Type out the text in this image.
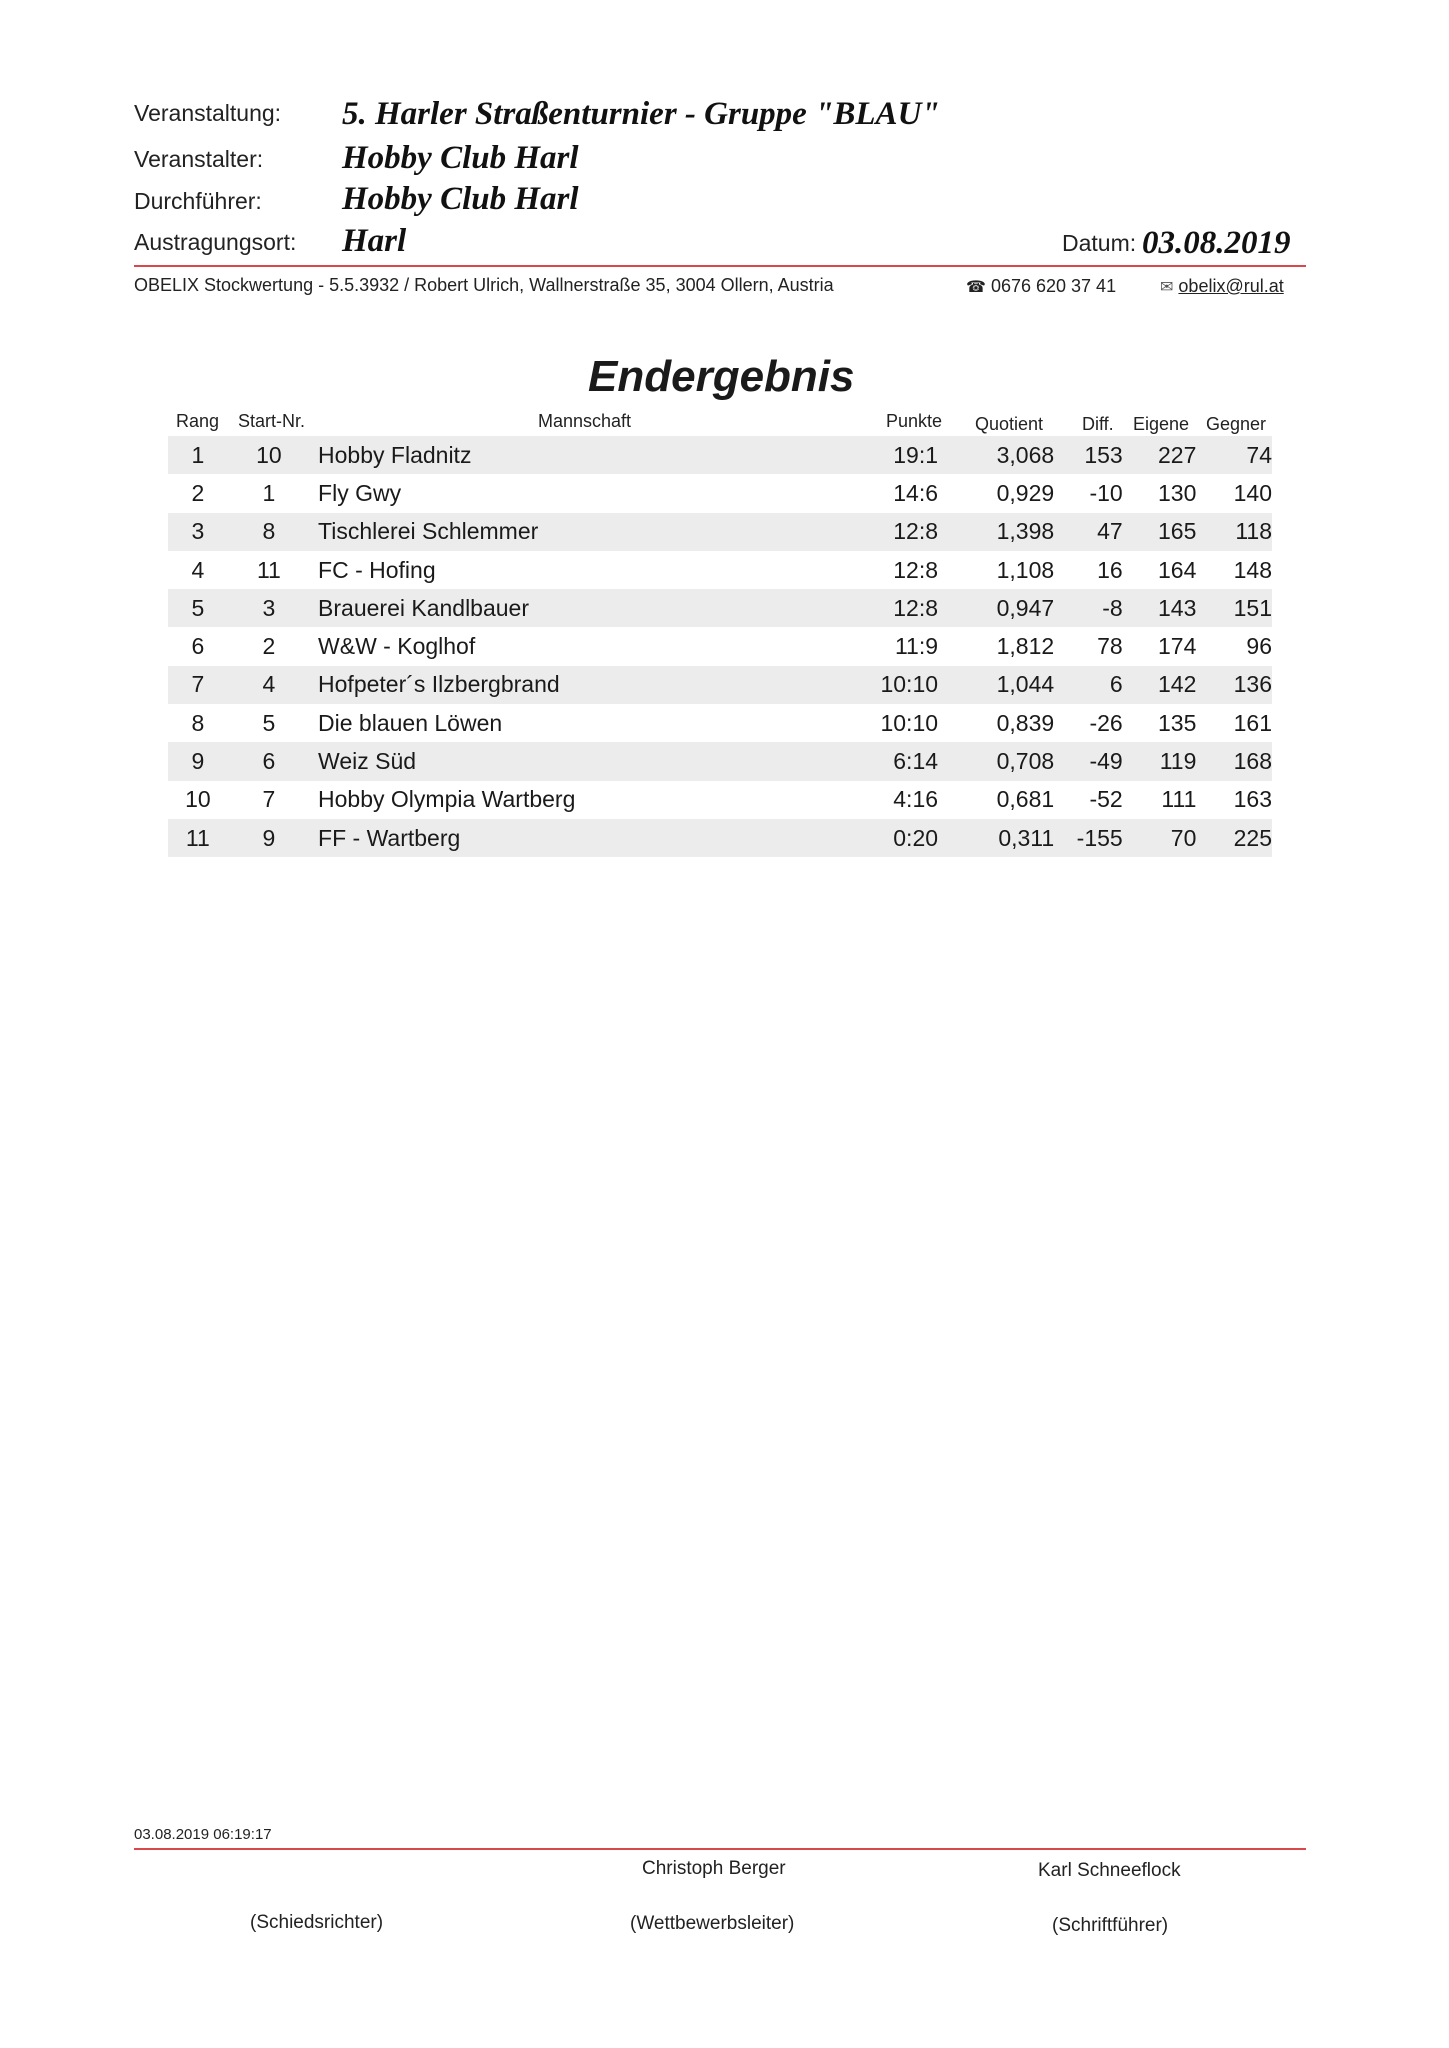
Veranstaltung: 5. Harler Straßenturnier - Gruppe "BLAU"
Veranstalter: Hobby Club Harl
Durchführer: Hobby Club Harl
Austragungsort: Harl	Datum: 03.08.2019
OBELIX Stockwertung - 5.5.3932 / Robert Ulrich, Wallnerstraße 35, 3004 Ollern, Austria	☎ 0676 620 37 41	✉ obelix@rul.at
Endergebnis
Rang Start-Nr.	Mannschaft	Punkte Quotient Diff. Eigene Gegner
1	10	Hobby Fladnitz	19:1	3,068	153	227	74
2	1	Fly Gwy	14:6	0,929	-10	130	140
3	8	Tischlerei Schlemmer	12:8	1,398	47	165	118
4	11	FC - Hofing	12:8	1,108	16	164	148
5	3	Brauerei Kandlbauer	12:8	0,947	-8	143	151
6	2	W&W - Koglhof	11:9	1,812	78	174	96
7	4	Hofpeter´s Ilzbergbrand	10:10	1,044	6	142	136
8	5	Die blauen Löwen	10:10	0,839	-26	135	161
9	6	Weiz Süd	6:14	0,708	-49	119	168
10	7	Hobby Olympia Wartberg	4:16	0,681	-52	111	163
11	9	FF - Wartberg	0:20	0,311	-155	70	225
03.08.2019 06:19:17
(Schiedsrichter)
Christoph Berger
(Wettbewerbsleiter)
Karl Schneeflock
(Schriftführer)
